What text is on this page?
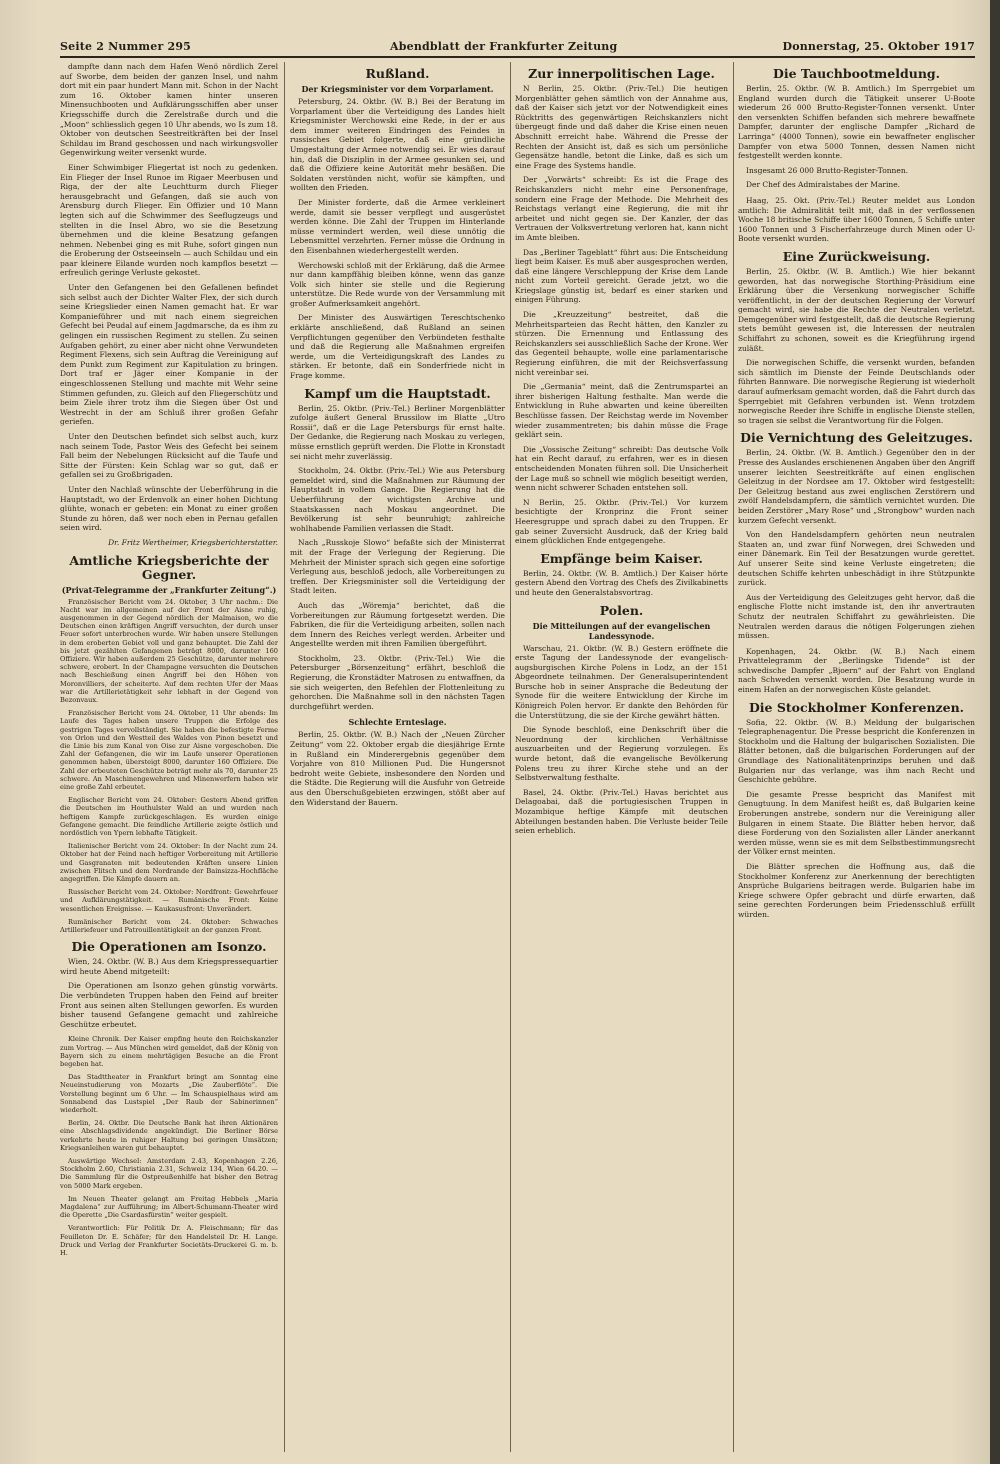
Seite 2 Nummer 295	Abendblatt der Frankfurter Zeitung	Donnerstag, 25. Oktober 1917

dampfte dann nach dem Hafen Wenö nördlich Zerel auf Sworbe, dem beiden der ganzen Insel, und nahm dort mit ein paar hundert Mann mit. Schon in der Nacht zum 16. Oktober kamen hinter unseren Minensuchbooten und Aufklärungsschiffen aber unser Kriegsschiffe durch die Zerelstraße durch und die „Moon“ schliesslich gegen 10 Uhr abends, wo Is zum 18. Oktober von deutschen Seestreitkräften bei der Insel Schildau im Brand geschossen und nach wirkungsvoller Gegenwirkung weiter versenkt wurde.

Einer Schwimbiger Fliegertat ist noch zu gedenken. Ein Flieger der Insel Runoe im Rigaer Meerbusen und Riga, der der alte Leuchtturm durch Flieger herausgebracht und Gefangen, daß sie auch von Arensburg durch Flieger. Ein Offizier und 10 Mann legten sich auf die Schwimmer des Seeflugzeugs und stellten in die Insel Abro, wo sie die Besetzung übernehmen und die kleine Besatzung gefangen nehmen. Nebenbei ging es mit Ruhe, sofort gingen nun die Eroberung der Ostseeinseln — auch Schildau und ein paar kleinere Eilande wurden noch kampflos besetzt — erfreulich geringe Verluste gekostet.

Unter den Gefangenen bei den Gefallenen befindet sich selbst auch der Dichter Walter Flex, der sich durch seine Kriegslieder einen Namen gemacht hat. Er war Kompanieführer und mit nach einem siegreichen Gefecht bei Peudal auf einem Jagdmarsche, da es ihm zu gelingen ein russischen Regiment zu stellen. Zu seinen Aufgaben gehört, zu einer aber nicht ohne Verwundeten Regiment Flexens, sich sein Auftrag die Vereinigung auf dem Punkt zum Regiment zur Kapitulation zu bringen. Dort traf er Jäger einer Kompanie in der eingeschlossenen Stellung und machte mit Wehr seine Stimmen gefunden, zu. Gleich auf den Fliegerschütz und beim Ziele ihrer trotz ihm die Siegen über Ost und Westrecht in der am Schluß ihrer großen Gefahr geriefen.

Unter den Deutschen befindet sich selbst auch, kurz nach seinem Tode, Pastor Weis des Gefecht bei seinem Fall beim der Nebelungen Rücksicht auf die Taufe und Sitte der Fürsten: Kein Schlag war so gut, daß er gefallen sei zu Großbrigaden.

Unter den Nachlaß wünschte der Ueberführung in die Hauptstadt, wo der Erdenvolk an einer hohen Dichtung glühte, wonach er gebeten: ein Monat zu einer großen Stunde zu hören, daß wer noch eben in Pernau gefallen seien wird.

Dr. Fritz Wertheimer, Kriegsberichterstatter.

Amtliche Kriegsberichte der Gegner.
(Privat-Telegramme der „Frankfurter Zeitung“.)

Französischer Bericht vom 24. Oktober, 3 Uhr nachm.: Die Nacht war im allgemeinen auf der Front der Aisne ruhig, ausgenommen in der Gegend nördlich der Malmaison, wo die Deutschen einen kräftigen Angriff versuchten, der durch unser Feuer sofort unterbrochen wurde. Wir haben unsere Stellungen in dem eroberten Gebiet voll und ganz behauptet. Die Zahl der bis jetzt gezählten Gefangenen beträgt 8000, darunter 160 Offiziere. Wir haben außerdem 25 Geschütze, darunter mehrere schwere, erobert. In der Champagne versuchten die Deutschen nach Beschießung einen Angriff bei den Höhen von Moronvilliers, der scheiterte. Auf dem rechten Ufer der Maas war die Artillerietätigkeit sehr lebhaft in der Gegend von Bezonvaux.

Französischer Bericht vom 24. Oktober, 11 Uhr abends: Im Laufe des Tages haben unsere Truppen die Erfolge des gestrigen Tages vervollständigt. Sie haben die befestigte Ferme von Orlon und den Westteil des Waldes von Pinon besetzt und die Linie bis zum Kanal von Oise zur Aisne vorgeschoben. Die Zahl der Gefangenen, die wir im Laufe unserer Operationen genommen haben, übersteigt 8000, darunter 160 Offiziere. Die Zahl der erbeuteten Geschütze beträgt mehr als 70, darunter 25 schwere. An Maschinengewehren und Minenwerfern haben wir eine große Zahl erbeutet.

Englischer Bericht vom 24. Oktober: Gestern Abend griffen die Deutschen im Houthulster Wald an und wurden nach heftigem Kampfe zurückgeschlagen. Es wurden einige Gefangene gemacht. Die feindliche Artillerie zeigte östlich und nordöstlich von Ypern lebhafte Tätigkeit.

Italienischer Bericht vom 24. Oktober: In der Nacht zum 24. Oktober hat der Feind nach heftiger Vorbereitung mit Artillerie und Gasgranaten mit bedeutenden Kräften unsere Linien zwischen Flitsch und dem Nordrande der Bainsizza-Hochfläche angegriffen. Die Kämpfe dauern an.

Russischer Bericht vom 24. Oktober: Nordfront: Gewehrfeuer und Aufklärungstätigkeit. — Rumänische Front: Keine wesentlichen Ereignisse. — Kaukasusfront: Unverändert.

Rumänischer Bericht vom 24. Oktober: Schwaches Artilleriefeuer und Patrouillentätigkeit an der ganzen Front.

Die Operationen am Isonzo.

Wien, 24. Oktbr. (W. B.) Aus dem Kriegspressequartier wird heute Abend mitgeteilt:

Die Operationen am Isonzo gehen günstig vorwärts. Die verbündeten Truppen haben den Feind auf breiter Front aus seinen alten Stellungen geworfen. Es wurden bisher tausend Gefangene gemacht und zahlreiche Geschütze erbeutet.

Kleine Chronik. Der Kaiser empfing heute den Reichskanzler zum Vortrag. — Aus München wird gemeldet, daß der König von Bayern sich zu einem mehrtägigen Besuche an die Front begeben hat.

Das Stadttheater in Frankfurt bringt am Sonntag eine Neueinstudierung von Mozarts „Die Zauberflöte“. Die Vorstellung beginnt um 6 Uhr. — Im Schauspielhaus wird am Sonnabend das Lustspiel „Der Raub der Sabinerinnen“ wiederholt.

Berlin, 24. Oktbr. Die Deutsche Bank hat ihren Aktionären eine Abschlagsdividende angekündigt. Die Berliner Börse verkehrte heute in ruhiger Haltung bei geringen Umsätzen; Kriegsanleihen waren gut behauptet.

Auswärtige Wechsel: Amsterdam 2.43, Kopenhagen 2.26, Stockholm 2.60, Christiania 2.31, Schweiz 134, Wien 64.20. — Die Sammlung für die Ostpreußenhilfe hat bisher den Betrag von 5000 Mark ergeben.

Im Neuen Theater gelangt am Freitag Hebbels „Maria Magdalena“ zur Aufführung; im Albert-Schumann-Theater wird die Operette „Die Csardasfürstin“ weiter gespielt.

Verantwortlich: Für Politik Dr. A. Fleischmann; für das Feuilleton Dr. E. Schäfer; für den Handelsteil Dr. H. Lange. Druck und Verlag der Frankfurter Societäts-Druckerei G. m. b. H.

Rußland.
Der Kriegsminister vor dem Vorparlament.

Petersburg, 24. Oktbr. (W. B.) Bei der Beratung im Vorparlament über die Verteidigung des Landes hielt Kriegsminister Werchowski eine Rede, in der er aus dem immer weiteren Eindringen des Feindes in russisches Gebiet folgerte, daß eine gründliche Umgestaltung der Armee notwendig sei. Er wies darauf hin, daß die Disziplin in der Armee gesunken sei, und daß die Offiziere keine Autorität mehr besäßen. Die Soldaten verstünden nicht, wofür sie kämpften, und wollten den Frieden.

Der Minister forderte, daß die Armee verkleinert werde, damit sie besser verpflegt und ausgerüstet werden könne. Die Zahl der Truppen im Hinterlande müsse vermindert werden, weil diese unnötig die Lebensmittel verzehrten. Ferner müsse die Ordnung in den Eisenbahnen wiederhergestellt werden.

Werchowski schloß mit der Erklärung, daß die Armee nur dann kampffähig bleiben könne, wenn das ganze Volk sich hinter sie stelle und die Regierung unterstütze. Die Rede wurde von der Versammlung mit großer Aufmerksamkeit angehört.

Der Minister des Auswärtigen Tereschtschenko erklärte anschließend, daß Rußland an seinen Verpflichtungen gegenüber den Verbündeten festhalte und daß die Regierung alle Maßnahmen ergreifen werde, um die Verteidigungskraft des Landes zu stärken. Er betonte, daß ein Sonderfriede nicht in Frage komme.

Kampf um die Hauptstadt.

Berlin, 25. Oktbr. (Priv.-Tel.) Berliner Morgenblätter zufolge äußert General Brussilow im Blatte „Utro Rossii“, daß er die Lage Petersburgs für ernst halte. Der Gedanke, die Regierung nach Moskau zu verlegen, müsse ernstlich geprüft werden. Die Flotte in Kronstadt sei nicht mehr zuverlässig.

Stockholm, 24. Oktbr. (Priv.-Tel.) Wie aus Petersburg gemeldet wird, sind die Maßnahmen zur Räumung der Hauptstadt in vollem Gange. Die Regierung hat die Ueberführung der wichtigsten Archive und Staatskassen nach Moskau angeordnet. Die Bevölkerung ist sehr beunruhigt; zahlreiche wohlhabende Familien verlassen die Stadt.

Nach „Russkoje Slowo“ befaßte sich der Ministerrat mit der Frage der Verlegung der Regierung. Die Mehrheit der Minister sprach sich gegen eine sofortige Verlegung aus, beschloß jedoch, alle Vorbereitungen zu treffen. Der Kriegsminister soll die Verteidigung der Stadt leiten.

Auch das „Wöremja“ berichtet, daß die Vorbereitungen zur Räumung fortgesetzt werden. Die Fabriken, die für die Verteidigung arbeiten, sollen nach dem Innern des Reiches verlegt werden. Arbeiter und Angestellte werden mit ihren Familien übergeführt.

Stockholm, 23. Oktbr. (Priv.-Tel.) Wie die Petersburger „Börsenzeitung“ erfährt, beschloß die Regierung, die Kronstädter Matrosen zu entwaffnen, da sie sich weigerten, den Befehlen der Flottenleitung zu gehorchen. Die Maßnahme soll in den nächsten Tagen durchgeführt werden.

Schlechte Ernteslage.

Berlin, 25. Oktbr. (W. B.) Nach der „Neuen Zürcher Zeitung“ vom 22. Oktober ergab die diesjährige Ernte in Rußland ein Minderergebnis gegenüber dem Vorjahre von 810 Millionen Pud. Die Hungersnot bedroht weite Gebiete, insbesondere den Norden und die Städte. Die Regierung will die Ausfuhr von Getreide aus den Überschußgebieten erzwingen, stößt aber auf den Widerstand der Bauern.

Zur innerpolitischen Lage.

N Berlin, 25. Oktbr. (Priv.-Tel.) Die heutigen Morgenblätter gehen sämtlich von der Annahme aus, daß der Kaiser sich jetzt vor der Notwendigkeit eines Rücktritts des gegenwärtigen Reichskanzlers nicht übergeugt finde und daß daher die Krise einen neuen Abschnitt erreicht habe. Während die Presse der Rechten der Ansicht ist, daß es sich um persönliche Gegensätze handle, betont die Linke, daß es sich um eine Frage des Systems handle.

Der „Vorwärts“ schreibt: Es ist die Frage des Reichskanzlers nicht mehr eine Personenfrage, sondern eine Frage der Methode. Die Mehrheit des Reichstags verlangt eine Regierung, die mit ihr arbeitet und nicht gegen sie. Der Kanzler, der das Vertrauen der Volksvertretung verloren hat, kann nicht im Amte bleiben.

Das „Berliner Tageblatt“ führt aus: Die Entscheidung liegt beim Kaiser. Es muß aber ausgesprochen werden, daß eine längere Verschleppung der Krise dem Lande nicht zum Vorteil gereicht. Gerade jetzt, wo die Kriegslage günstig ist, bedarf es einer starken und einigen Führung.

Die „Kreuzzeitung“ bestreitet, daß die Mehrheitsparteien das Recht hätten, den Kanzler zu stürzen. Die Ernennung und Entlassung des Reichskanzlers sei ausschließlich Sache der Krone. Wer das Gegenteil behaupte, wolle eine parlamentarische Regierung einführen, die mit der Reichsverfassung nicht vereinbar sei.

Die „Germania“ meint, daß die Zentrumspartei an ihrer bisherigen Haltung festhalte. Man werde die Entwicklung in Ruhe abwarten und keine übereilten Beschlüsse fassen. Der Reichstag werde im November wieder zusammentreten; bis dahin müsse die Frage geklärt sein.

Die „Vossische Zeitung“ schreibt: Das deutsche Volk hat ein Recht darauf, zu erfahren, wer es in diesen entscheidenden Monaten führen soll. Die Unsicherheit der Lage muß so schnell wie möglich beseitigt werden, wenn nicht schwerer Schaden entstehen soll.

N Berlin, 25. Oktbr. (Priv.-Tel.) Vor kurzem besichtigte der Kronprinz die Front seiner Heeresgruppe und sprach dabei zu den Truppen. Er gab seiner Zuversicht Ausdruck, daß der Krieg bald einem glücklichen Ende entgegengehe.

Empfänge beim Kaiser.

Berlin, 24. Oktbr. (W. B. Amtlich.) Der Kaiser hörte gestern Abend den Vortrag des Chefs des Zivilkabinetts und heute den Generalstabsvortrag.

Polen.
Die Mitteilungen auf der evangelischen Landessynode.

Warschau, 21. Oktbr. (W. B.) Gestern eröffnete die erste Tagung der Landessynode der evangelisch-augsburgischen Kirche Polens in Lodz, an der 151 Abgeordnete teilnahmen. Der Generalsuperintendent Bursche hob in seiner Ansprache die Bedeutung der Synode für die weitere Entwicklung der Kirche im Königreich Polen hervor. Er dankte den Behörden für die Unterstützung, die sie der Kirche gewährt hätten.

Die Synode beschloß, eine Denkschrift über die Neuordnung der kirchlichen Verhältnisse auszuarbeiten und der Regierung vorzulegen. Es wurde betont, daß die evangelische Bevölkerung Polens treu zu ihrer Kirche stehe und an der Selbstverwaltung festhalte.

Basel, 24. Oktbr. (Priv.-Tel.) Havas berichtet aus Delagoabai, daß die portugiesischen Truppen in Mozambique heftige Kämpfe mit deutschen Abteilungen bestanden haben. Die Verluste beider Teile seien erheblich.

Die Tauchbootmeldung.

Berlin, 25. Oktbr. (W. B. Amtlich.) Im Sperrgebiet um England wurden durch die Tätigkeit unserer U-Boote wiederum 26 000 Brutto-Register-Tonnen versenkt. Unter den versenkten Schiffen befanden sich mehrere bewaffnete Dampfer, darunter der englische Dampfer „Richard de Larringa“ (4000 Tonnen), sowie ein bewaffneter englischer Dampfer von etwa 5000 Tonnen, dessen Namen nicht festgestellt werden konnte.

Insgesamt 26 000 Brutto-Register-Tonnen.

Der Chef des Admiralstabes der Marine.

Haag, 25. Okt. (Priv.-Tel.) Reuter meldet aus London amtlich: Die Admiralität teilt mit, daß in der verflossenen Woche 18 britische Schiffe über 1600 Tonnen, 5 Schiffe unter 1600 Tonnen und 3 Fischerfahrzeuge durch Minen oder U-Boote versenkt wurden.

Eine Zurückweisung.

Berlin, 25. Oktbr. (W. B. Amtlich.) Wie hier bekannt geworden, hat das norwegische Storthing-Präsidium eine Erklärung über die Versenkung norwegischer Schiffe veröffentlicht, in der der deutschen Regierung der Vorwurf gemacht wird, sie habe die Rechte der Neutralen verletzt. Demgegenüber wird festgestellt, daß die deutsche Regierung stets bemüht gewesen ist, die Interessen der neutralen Schiffahrt zu schonen, soweit es die Kriegführung irgend zuläßt.

Die norwegischen Schiffe, die versenkt wurden, befanden sich sämtlich im Dienste der Feinde Deutschlands oder führten Bannware. Die norwegische Regierung ist wiederholt darauf aufmerksam gemacht worden, daß die Fahrt durch das Sperrgebiet mit Gefahren verbunden ist. Wenn trotzdem norwegische Reeder ihre Schiffe in englische Dienste stellen, so tragen sie selbst die Verantwortung für die Folgen.

Die Vernichtung des Geleitzuges.

Berlin, 24. Oktbr. (W. B. Amtlich.) Gegenüber den in der Presse des Auslandes erschienenen Angaben über den Angriff unserer leichten Seestreitkräfte auf einen englischen Geleitzug in der Nordsee am 17. Oktober wird festgestellt: Der Geleitzug bestand aus zwei englischen Zerstörern und zwölf Handelsdampfern, die sämtlich vernichtet wurden. Die beiden Zerstörer „Mary Rose“ und „Strongbow“ wurden nach kurzem Gefecht versenkt.

Von den Handelsdampfern gehörten neun neutralen Staaten an, und zwar fünf Norwegen, drei Schweden und einer Dänemark. Ein Teil der Besatzungen wurde gerettet. Auf unserer Seite sind keine Verluste eingetreten; die deutschen Schiffe kehrten unbeschädigt in ihre Stützpunkte zurück.

Aus der Verteidigung des Geleitzuges geht hervor, daß die englische Flotte nicht imstande ist, den ihr anvertrauten Schutz der neutralen Schiffahrt zu gewährleisten. Die Neutralen werden daraus die nötigen Folgerungen ziehen müssen.

Kopenhagen, 24. Oktbr. (W. B.) Nach einem Privattelegramm der „Berlingske Tidende“ ist der schwedische Dampfer „Bjoern“ auf der Fahrt von England nach Schweden versenkt worden. Die Besatzung wurde in einem Hafen an der norwegischen Küste gelandet.

Die Stockholmer Konferenzen.

Sofia, 22. Oktbr. (W. B.) Meldung der bulgarischen Telegraphenagentur. Die Presse bespricht die Konferenzen in Stockholm und die Haltung der bulgarischen Sozialisten. Die Blätter betonen, daß die bulgarischen Forderungen auf der Grundlage des Nationalitätenprinzips beruhen und daß Bulgarien nur das verlange, was ihm nach Recht und Geschichte gebühre.

Die gesamte Presse bespricht das Manifest mit Genugtuung. In dem Manifest heißt es, daß Bulgarien keine Eroberungen anstrebe, sondern nur die Vereinigung aller Bulgaren in einem Staate. Die Blätter heben hervor, daß diese Forderung von den Sozialisten aller Länder anerkannt werden müsse, wenn sie es mit dem Selbstbestimmungsrecht der Völker ernst meinten.

Die Blätter sprechen die Hoffnung aus, daß die Stockholmer Konferenz zur Anerkennung der berechtigten Ansprüche Bulgariens beitragen werde. Bulgarien habe im Kriege schwere Opfer gebracht und dürfe erwarten, daß seine gerechten Forderungen beim Friedensschluß erfüllt würden.
